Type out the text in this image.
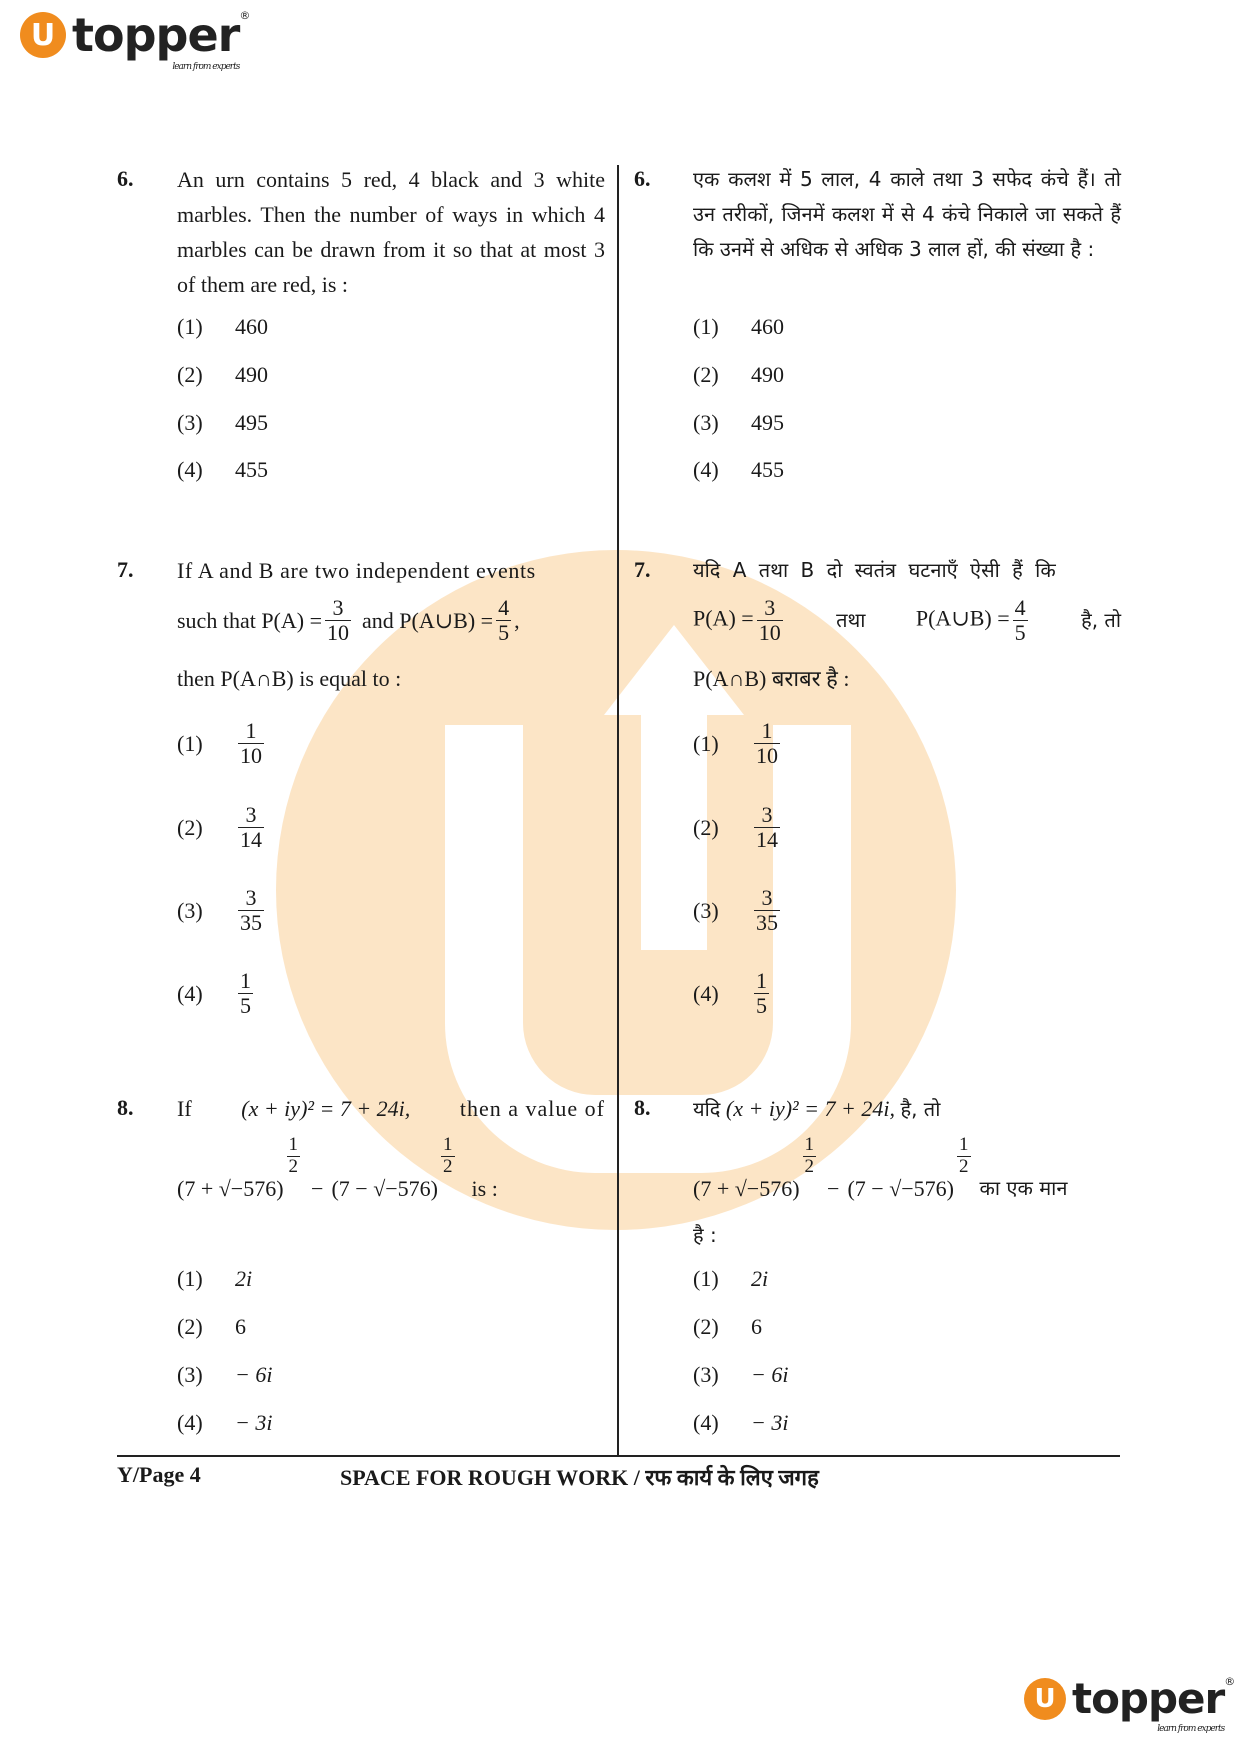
U topper ®
learn from experts
6. An urn contains 5 red, 4 black and 3 white marbles. Then the number of ways in which 4 marbles can be drawn from it so that at most 3 of them are red, is :
(1)	460
(2)	490
(3)	495
(4)	455
6. एक कलश में 5 लाल, 4 काले तथा 3 सफेद कंचे हैं। तो उन तरीकों, जिनमें कलश में से 4 कंचे निकाले जा सकते हैं कि उनमें से अधिक से अधिक 3 लाल हों, की संख्या है :
(1)	460
(2)	490
(3)	495
(4)	455
7. If A and B are two independent events
such that $P(A) = \frac{3}{10}$ and P(A∪B) = $\frac{4}{5}$ ,
then P(A∩B) is equal to :
(1)	$\frac{1}{10}$
(2)	$\frac{3}{14}$
(3)	$\frac{3}{35}$
(4)	$\frac{1}{5}$
7. यदि A तथा B दो स्वतंत्र घटनाएँ ऐसी हैं कि
$P(A) = \frac{3}{10}$	तथा P(A∪B) = $\frac{4}{5}$	है, तो
P(A∩B) बराबर है :
(1)	$\frac{1}{10}$
(2)	$\frac{3}{14}$
(3)	$\frac{3}{35}$
(4)	$\frac{1}{5}$
8. If (x + iy)² = 7 + 24i, then a value of
(7 + √−576)
$\frac{1}{2}$
− (7 − √−576)
$\frac{1}{2}$
is :
(1)	2i
(2)	6
(3)	− 6i
(4)	− 3i
8. यदि (x + iy)² = 7 + 24i, है, तो
(7 + √−576)
$\frac{1}{2}$
− (7 − √−576)
$\frac{1}{2}$
का एक मान
है :
(1)	2i
(2)	6
(3)	− 6i
(4)	− 3i
Y/Page 4	SPACE FOR ROUGH WORK / रफ कार्य के लिए जगह
U topper ®
learn from experts
